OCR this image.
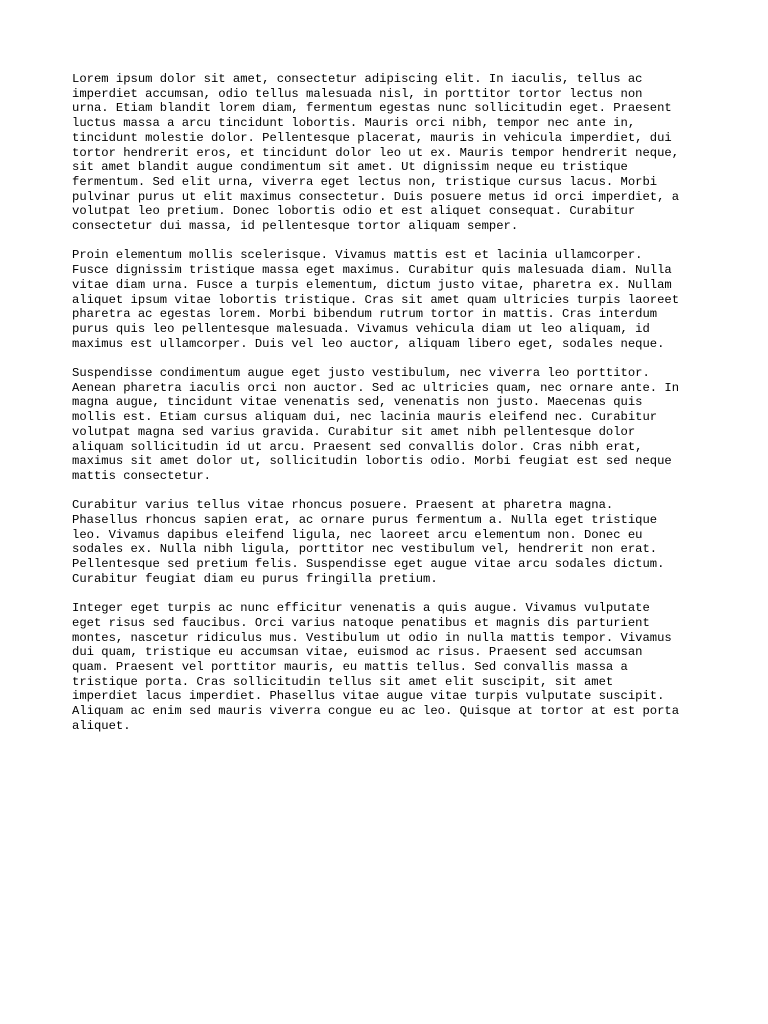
Lorem ipsum dolor sit amet, consectetur adipiscing elit. In iaculis, tellus ac
imperdiet accumsan, odio tellus malesuada nisl, in porttitor tortor lectus non
urna. Etiam blandit lorem diam, fermentum egestas nunc sollicitudin eget. Praesent
luctus massa a arcu tincidunt lobortis. Mauris orci nibh, tempor nec ante in,
tincidunt molestie dolor. Pellentesque placerat, mauris in vehicula imperdiet, dui
tortor hendrerit eros, et tincidunt dolor leo ut ex. Mauris tempor hendrerit neque,
sit amet blandit augue condimentum sit amet. Ut dignissim neque eu tristique
fermentum. Sed elit urna, viverra eget lectus non, tristique cursus lacus. Morbi
pulvinar purus ut elit maximus consectetur. Duis posuere metus id orci imperdiet, a
volutpat leo pretium. Donec lobortis odio et est aliquet consequat. Curabitur
consectetur dui massa, id pellentesque tortor aliquam semper.

Proin elementum mollis scelerisque. Vivamus mattis est et lacinia ullamcorper.
Fusce dignissim tristique massa eget maximus. Curabitur quis malesuada diam. Nulla
vitae diam urna. Fusce a turpis elementum, dictum justo vitae, pharetra ex. Nullam
aliquet ipsum vitae lobortis tristique. Cras sit amet quam ultricies turpis laoreet
pharetra ac egestas lorem. Morbi bibendum rutrum tortor in mattis. Cras interdum
purus quis leo pellentesque malesuada. Vivamus vehicula diam ut leo aliquam, id
maximus est ullamcorper. Duis vel leo auctor, aliquam libero eget, sodales neque.

Suspendisse condimentum augue eget justo vestibulum, nec viverra leo porttitor.
Aenean pharetra iaculis orci non auctor. Sed ac ultricies quam, nec ornare ante. In
magna augue, tincidunt vitae venenatis sed, venenatis non justo. Maecenas quis
mollis est. Etiam cursus aliquam dui, nec lacinia mauris eleifend nec. Curabitur
volutpat magna sed varius gravida. Curabitur sit amet nibh pellentesque dolor
aliquam sollicitudin id ut arcu. Praesent sed convallis dolor. Cras nibh erat,
maximus sit amet dolor ut, sollicitudin lobortis odio. Morbi feugiat est sed neque
mattis consectetur.

Curabitur varius tellus vitae rhoncus posuere. Praesent at pharetra magna.
Phasellus rhoncus sapien erat, ac ornare purus fermentum a. Nulla eget tristique
leo. Vivamus dapibus eleifend ligula, nec laoreet arcu elementum non. Donec eu
sodales ex. Nulla nibh ligula, porttitor nec vestibulum vel, hendrerit non erat.
Pellentesque sed pretium felis. Suspendisse eget augue vitae arcu sodales dictum.
Curabitur feugiat diam eu purus fringilla pretium.

Integer eget turpis ac nunc efficitur venenatis a quis augue. Vivamus vulputate
eget risus sed faucibus. Orci varius natoque penatibus et magnis dis parturient
montes, nascetur ridiculus mus. Vestibulum ut odio in nulla mattis tempor. Vivamus
dui quam, tristique eu accumsan vitae, euismod ac risus. Praesent sed accumsan
quam. Praesent vel porttitor mauris, eu mattis tellus. Sed convallis massa a
tristique porta. Cras sollicitudin tellus sit amet elit suscipit, sit amet
imperdiet lacus imperdiet. Phasellus vitae augue vitae turpis vulputate suscipit.
Aliquam ac enim sed mauris viverra congue eu ac leo. Quisque at tortor at est porta
aliquet.
